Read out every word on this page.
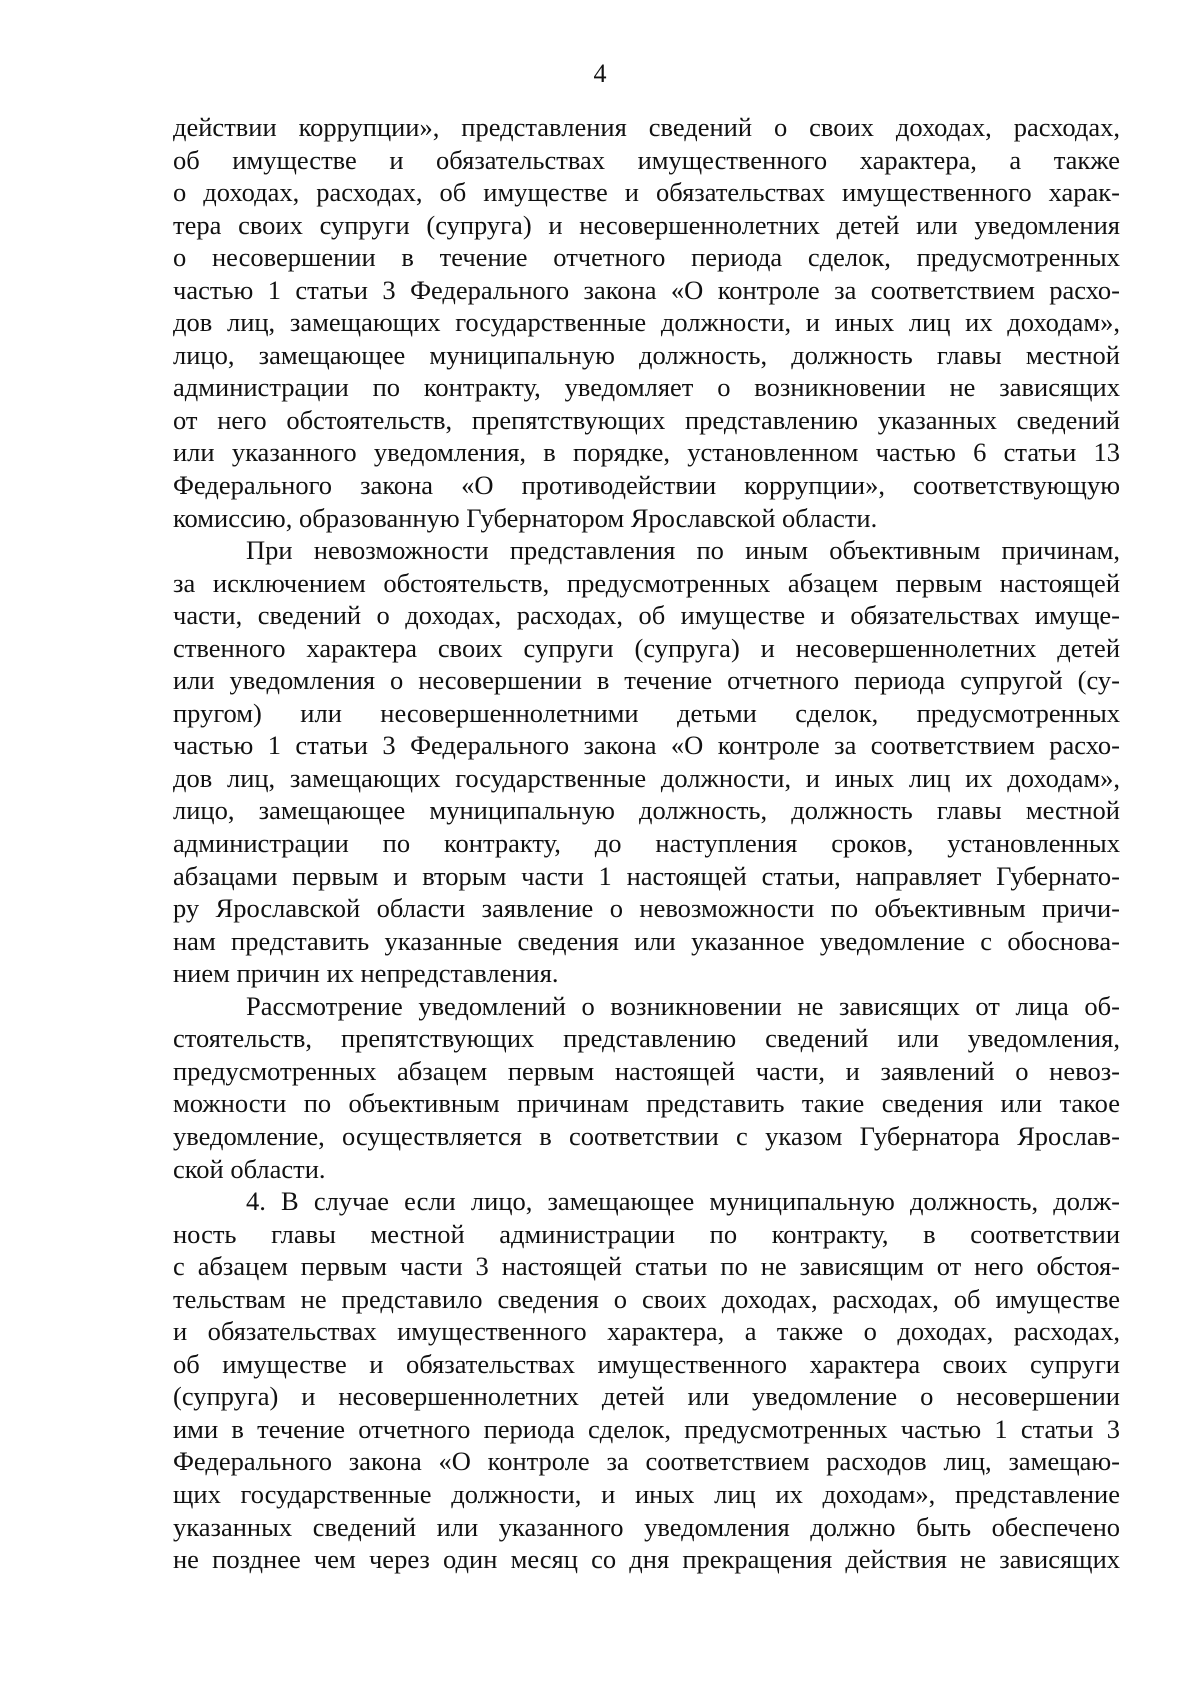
4
действии коррупции», представления сведений о своих доходах, расходах,
об имуществе и обязательствах имущественного характера, а также
о доходах, расходах, об имуществе и обязательствах имущественного харак-
тера своих супруги (супруга) и несовершеннолетних детей или уведомления
о несовершении в течение отчетного периода сделок, предусмотренных
частью 1 статьи 3 Федерального закона «О контроле за соответствием расхо-
дов лиц, замещающих государственные должности, и иных лиц их доходам»,
лицо, замещающее муниципальную должность, должность главы местной
администрации по контракту, уведомляет о возникновении не зависящих
от него обстоятельств, препятствующих представлению указанных сведений
или указанного уведомления, в порядке, установленном частью 6 статьи 13
Федерального закона «О противодействии коррупции», соответствующую
комиссию, образованную Губернатором Ярославской области.
При невозможности представления по иным объективным причинам,
за исключением обстоятельств, предусмотренных абзацем первым настоящей
части, сведений о доходах, расходах, об имуществе и обязательствах имуще-
ственного характера своих супруги (супруга) и несовершеннолетних детей
или уведомления о несовершении в течение отчетного периода супругой (су-
пругом) или несовершеннолетними детьми сделок, предусмотренных
частью 1 статьи 3 Федерального закона «О контроле за соответствием расхо-
дов лиц, замещающих государственные должности, и иных лиц их доходам»,
лицо, замещающее муниципальную должность, должность главы местной
администрации по контракту, до наступления сроков, установленных
абзацами первым и вторым части 1 настоящей статьи, направляет Губернато-
ру Ярославской области заявление о невозможности по объективным причи-
нам представить указанные сведения или указанное уведомление с обоснова-
нием причин их непредставления.
Рассмотрение уведомлений о возникновении не зависящих от лица об-
стоятельств, препятствующих представлению сведений или уведомления,
предусмотренных абзацем первым настоящей части, и заявлений о невоз-
можности по объективным причинам представить такие сведения или такое
уведомление, осуществляется в соответствии с указом Губернатора Ярослав-
ской области.
4. В случае если лицо, замещающее муниципальную должность, долж-
ность главы местной администрации по контракту, в соответствии
с абзацем первым части 3 настоящей статьи по не зависящим от него обстоя-
тельствам не представило сведения о своих доходах, расходах, об имуществе
и обязательствах имущественного характера, а также о доходах, расходах,
об имуществе и обязательствах имущественного характера своих супруги
(супруга) и несовершеннолетних детей или уведомление о несовершении
ими в течение отчетного периода сделок, предусмотренных частью 1 статьи 3
Федерального закона «О контроле за соответствием расходов лиц, замещаю-
щих государственные должности, и иных лиц их доходам», представление
указанных сведений или указанного уведомления должно быть обеспечено
не позднее чем через один месяц со дня прекращения действия не зависящих
